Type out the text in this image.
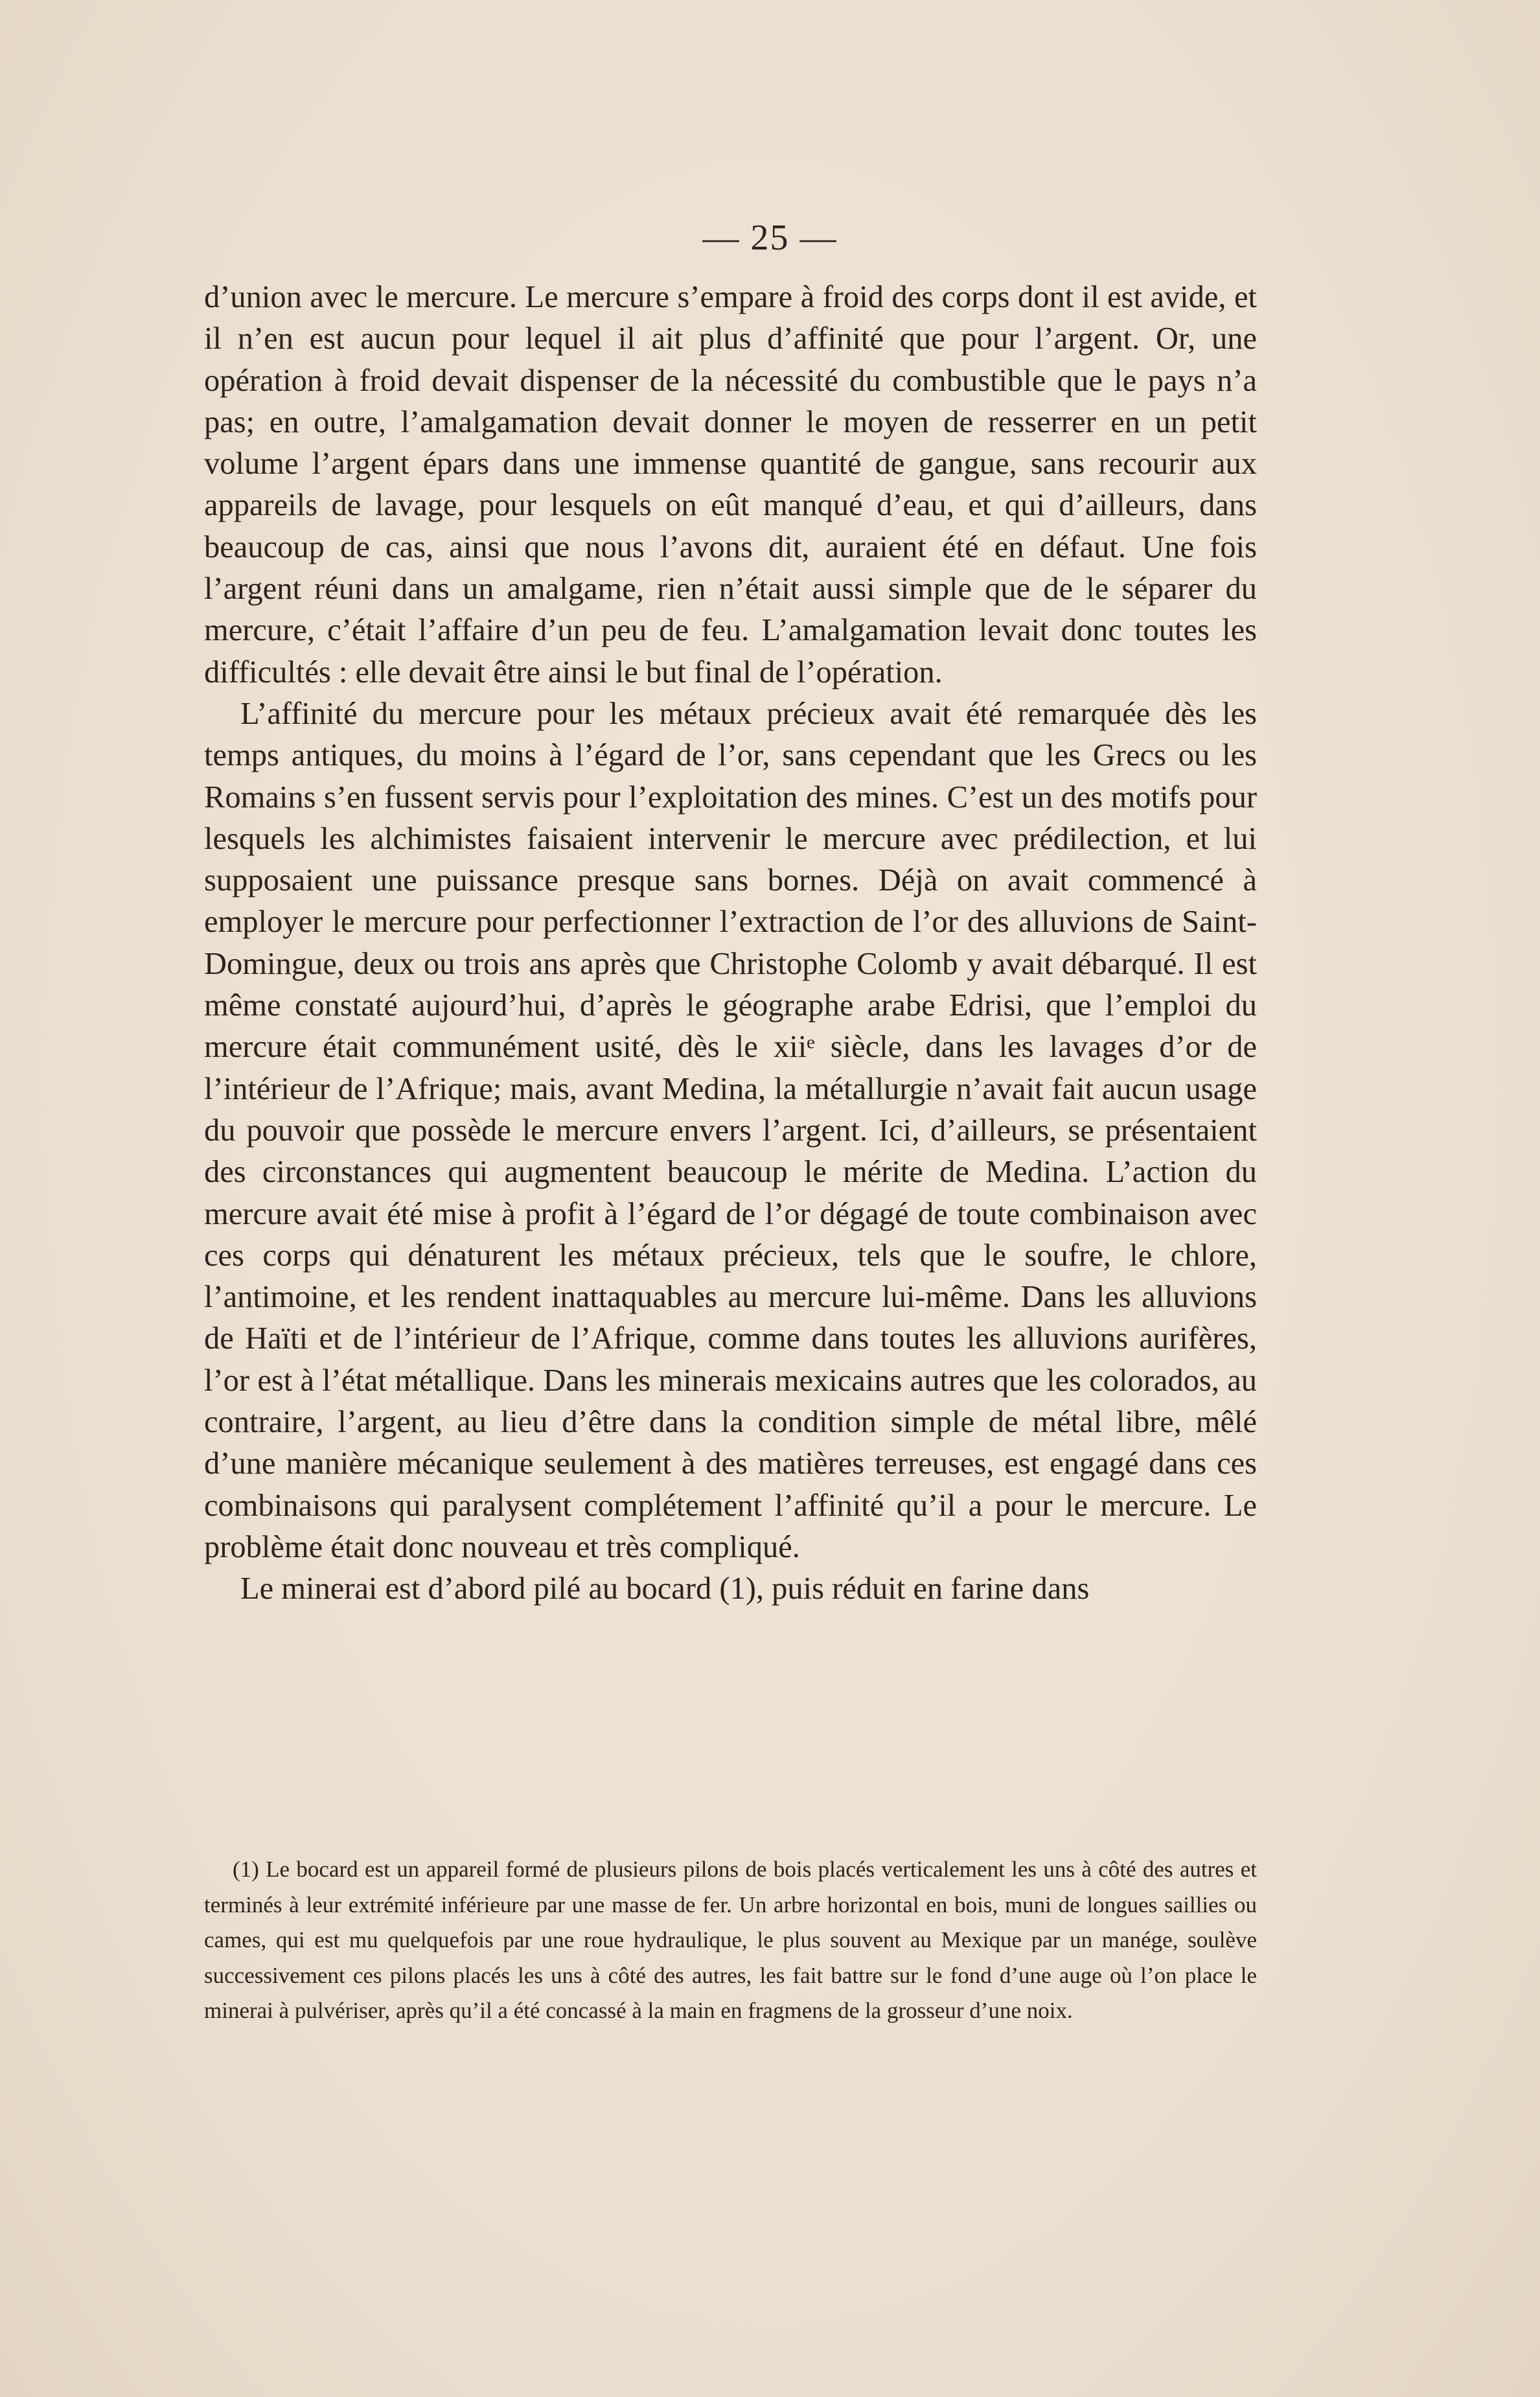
— 25 —

d’union avec le mercure. Le mercure s’empare à froid des corps dont il est avide, et il n’en est aucun pour lequel il ait plus d’affinité que pour l’argent. Or, une opération à froid devait dispenser de la nécessité du combustible que le pays n’a pas; en outre, l’amalgamation devait donner le moyen de resserrer en un petit volume l’argent épars dans une immense quantité de gangue, sans recourir aux appareils de lavage, pour lesquels on eût manqué d’eau, et qui d’ailleurs, dans beaucoup de cas, ainsi que nous l’avons dit, auraient été en défaut. Une fois l’argent réuni dans un amalgame, rien n’était aussi simple que de le séparer du mercure, c’était l’affaire d’un peu de feu. L’amalgamation levait donc toutes les difficultés : elle devait être ainsi le but final de l’opération.

L’affinité du mercure pour les métaux précieux avait été remarquée dès les temps antiques, du moins à l’égard de l’or, sans cependant que les Grecs ou les Romains s’en fussent servis pour l’exploitation des mines. C’est un des motifs pour lesquels les alchimistes faisaient intervenir le mercure avec prédilection, et lui supposaient une puissance presque sans bornes. Déjà on avait commencé à employer le mercure pour perfectionner l’extraction de l’or des alluvions de Saint-Domingue, deux ou trois ans après que Christophe Colomb y avait débarqué. Il est même constaté aujourd’hui, d’après le géographe arabe Edrisi, que l’emploi du mercure était communément usité, dès le xiiᵉ siècle, dans les lavages d’or de l’intérieur de l’Afrique; mais, avant Medina, la métallurgie n’avait fait aucun usage du pouvoir que possède le mercure envers l’argent. Ici, d’ailleurs, se présentaient des circonstances qui augmentent beaucoup le mérite de Medina. L’action du mercure avait été mise à profit à l’égard de l’or dégagé de toute combinaison avec ces corps qui dénaturent les métaux précieux, tels que le soufre, le chlore, l’antimoine, et les rendent inattaquables au mercure lui-même. Dans les alluvions de Haïti et de l’intérieur de l’Afrique, comme dans toutes les alluvions aurifères, l’or est à l’état métallique. Dans les minerais mexicains autres que les colorados, au contraire, l’argent, au lieu d’être dans la condition simple de métal libre, mêlé d’une manière mécanique seulement à des matières terreuses, est engagé dans ces combinaisons qui paralysent complétement l’affinité qu’il a pour le mercure. Le problème était donc nouveau et très compliqué.

Le minerai est d’abord pilé au bocard (1), puis réduit en farine dans

(1) Le bocard est un appareil formé de plusieurs pilons de bois placés verticalement les uns à côté des autres et terminés à leur extrémité inférieure par une masse de fer. Un arbre horizontal en bois, muni de longues saillies ou cames, qui est mu quelquefois par une roue hydraulique, le plus souvent au Mexique par un manége, soulève successivement ces pilons placés les uns à côté des autres, les fait battre sur le fond d’une auge où l’on place le minerai à pulvériser, après qu’il a été concassé à la main en fragmens de la grosseur d’une noix.
